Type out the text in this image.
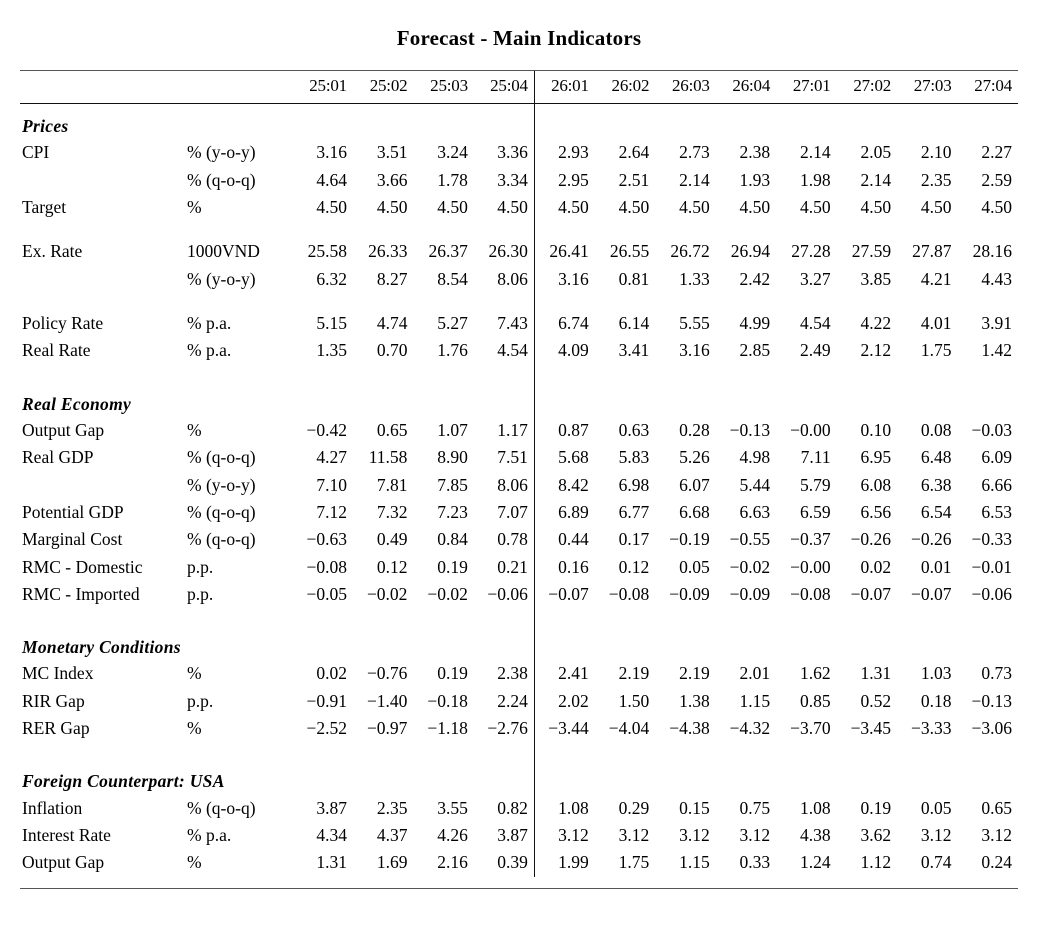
Forecast - Main Indicators

		25:01	25:02	25:03	25:04	26:01	26:02	26:03	26:04	27:01	27:02	27:03	27:04

Prices													
CPI	% (y-o-y)	3.16	3.51	3.24	3.36	2.93	2.64	2.73	2.38	2.14	2.05	2.10	2.27
	% (q-o-q)	4.64	3.66	1.78	3.34	2.95	2.51	2.14	1.93	1.98	2.14	2.35	2.59
Target	%	4.50	4.50	4.50	4.50	4.50	4.50	4.50	4.50	4.50	4.50	4.50	4.50

Ex. Rate	1000VND	25.58	26.33	26.37	26.30	26.41	26.55	26.72	26.94	27.28	27.59	27.87	28.16
	% (y-o-y)	6.32	8.27	8.54	8.06	3.16	0.81	1.33	2.42	3.27	3.85	4.21	4.43

Policy Rate	% p.a.	5.15	4.74	5.27	7.43	6.74	6.14	5.55	4.99	4.54	4.22	4.01	3.91
Real Rate	% p.a.	1.35	0.70	1.76	4.54	4.09	3.41	3.16	2.85	2.49	2.12	1.75	1.42

Real Economy													
Output Gap	%	−0.42	0.65	1.07	1.17	0.87	0.63	0.28	−0.13	−0.00	0.10	0.08	−0.03
Real GDP	% (q-o-q)	4.27	11.58	8.90	7.51	5.68	5.83	5.26	4.98	7.11	6.95	6.48	6.09
	% (y-o-y)	7.10	7.81	7.85	8.06	8.42	6.98	6.07	5.44	5.79	6.08	6.38	6.66
Potential GDP	% (q-o-q)	7.12	7.32	7.23	7.07	6.89	6.77	6.68	6.63	6.59	6.56	6.54	6.53
Marginal Cost	% (q-o-q)	−0.63	0.49	0.84	0.78	0.44	0.17	−0.19	−0.55	−0.37	−0.26	−0.26	−0.33
RMC - Domestic	p.p.	−0.08	0.12	0.19	0.21	0.16	0.12	0.05	−0.02	−0.00	0.02	0.01	−0.01
RMC - Imported	p.p.	−0.05	−0.02	−0.02	−0.06	−0.07	−0.08	−0.09	−0.09	−0.08	−0.07	−0.07	−0.06

Monetary Conditions													
MC Index	%	0.02	−0.76	0.19	2.38	2.41	2.19	2.19	2.01	1.62	1.31	1.03	0.73
RIR Gap	p.p.	−0.91	−1.40	−0.18	2.24	2.02	1.50	1.38	1.15	0.85	0.52	0.18	−0.13
RER Gap	%	−2.52	−0.97	−1.18	−2.76	−3.44	−4.04	−4.38	−4.32	−3.70	−3.45	−3.33	−3.06

Foreign Counterpart: USA													
Inflation	% (q-o-q)	3.87	2.35	3.55	0.82	1.08	0.29	0.15	0.75	1.08	0.19	0.05	0.65
Interest Rate	% p.a.	4.34	4.37	4.26	3.87	3.12	3.12	3.12	3.12	4.38	3.62	3.12	3.12
Output Gap	%	1.31	1.69	2.16	0.39	1.99	1.75	1.15	0.33	1.24	1.12	0.74	0.24
